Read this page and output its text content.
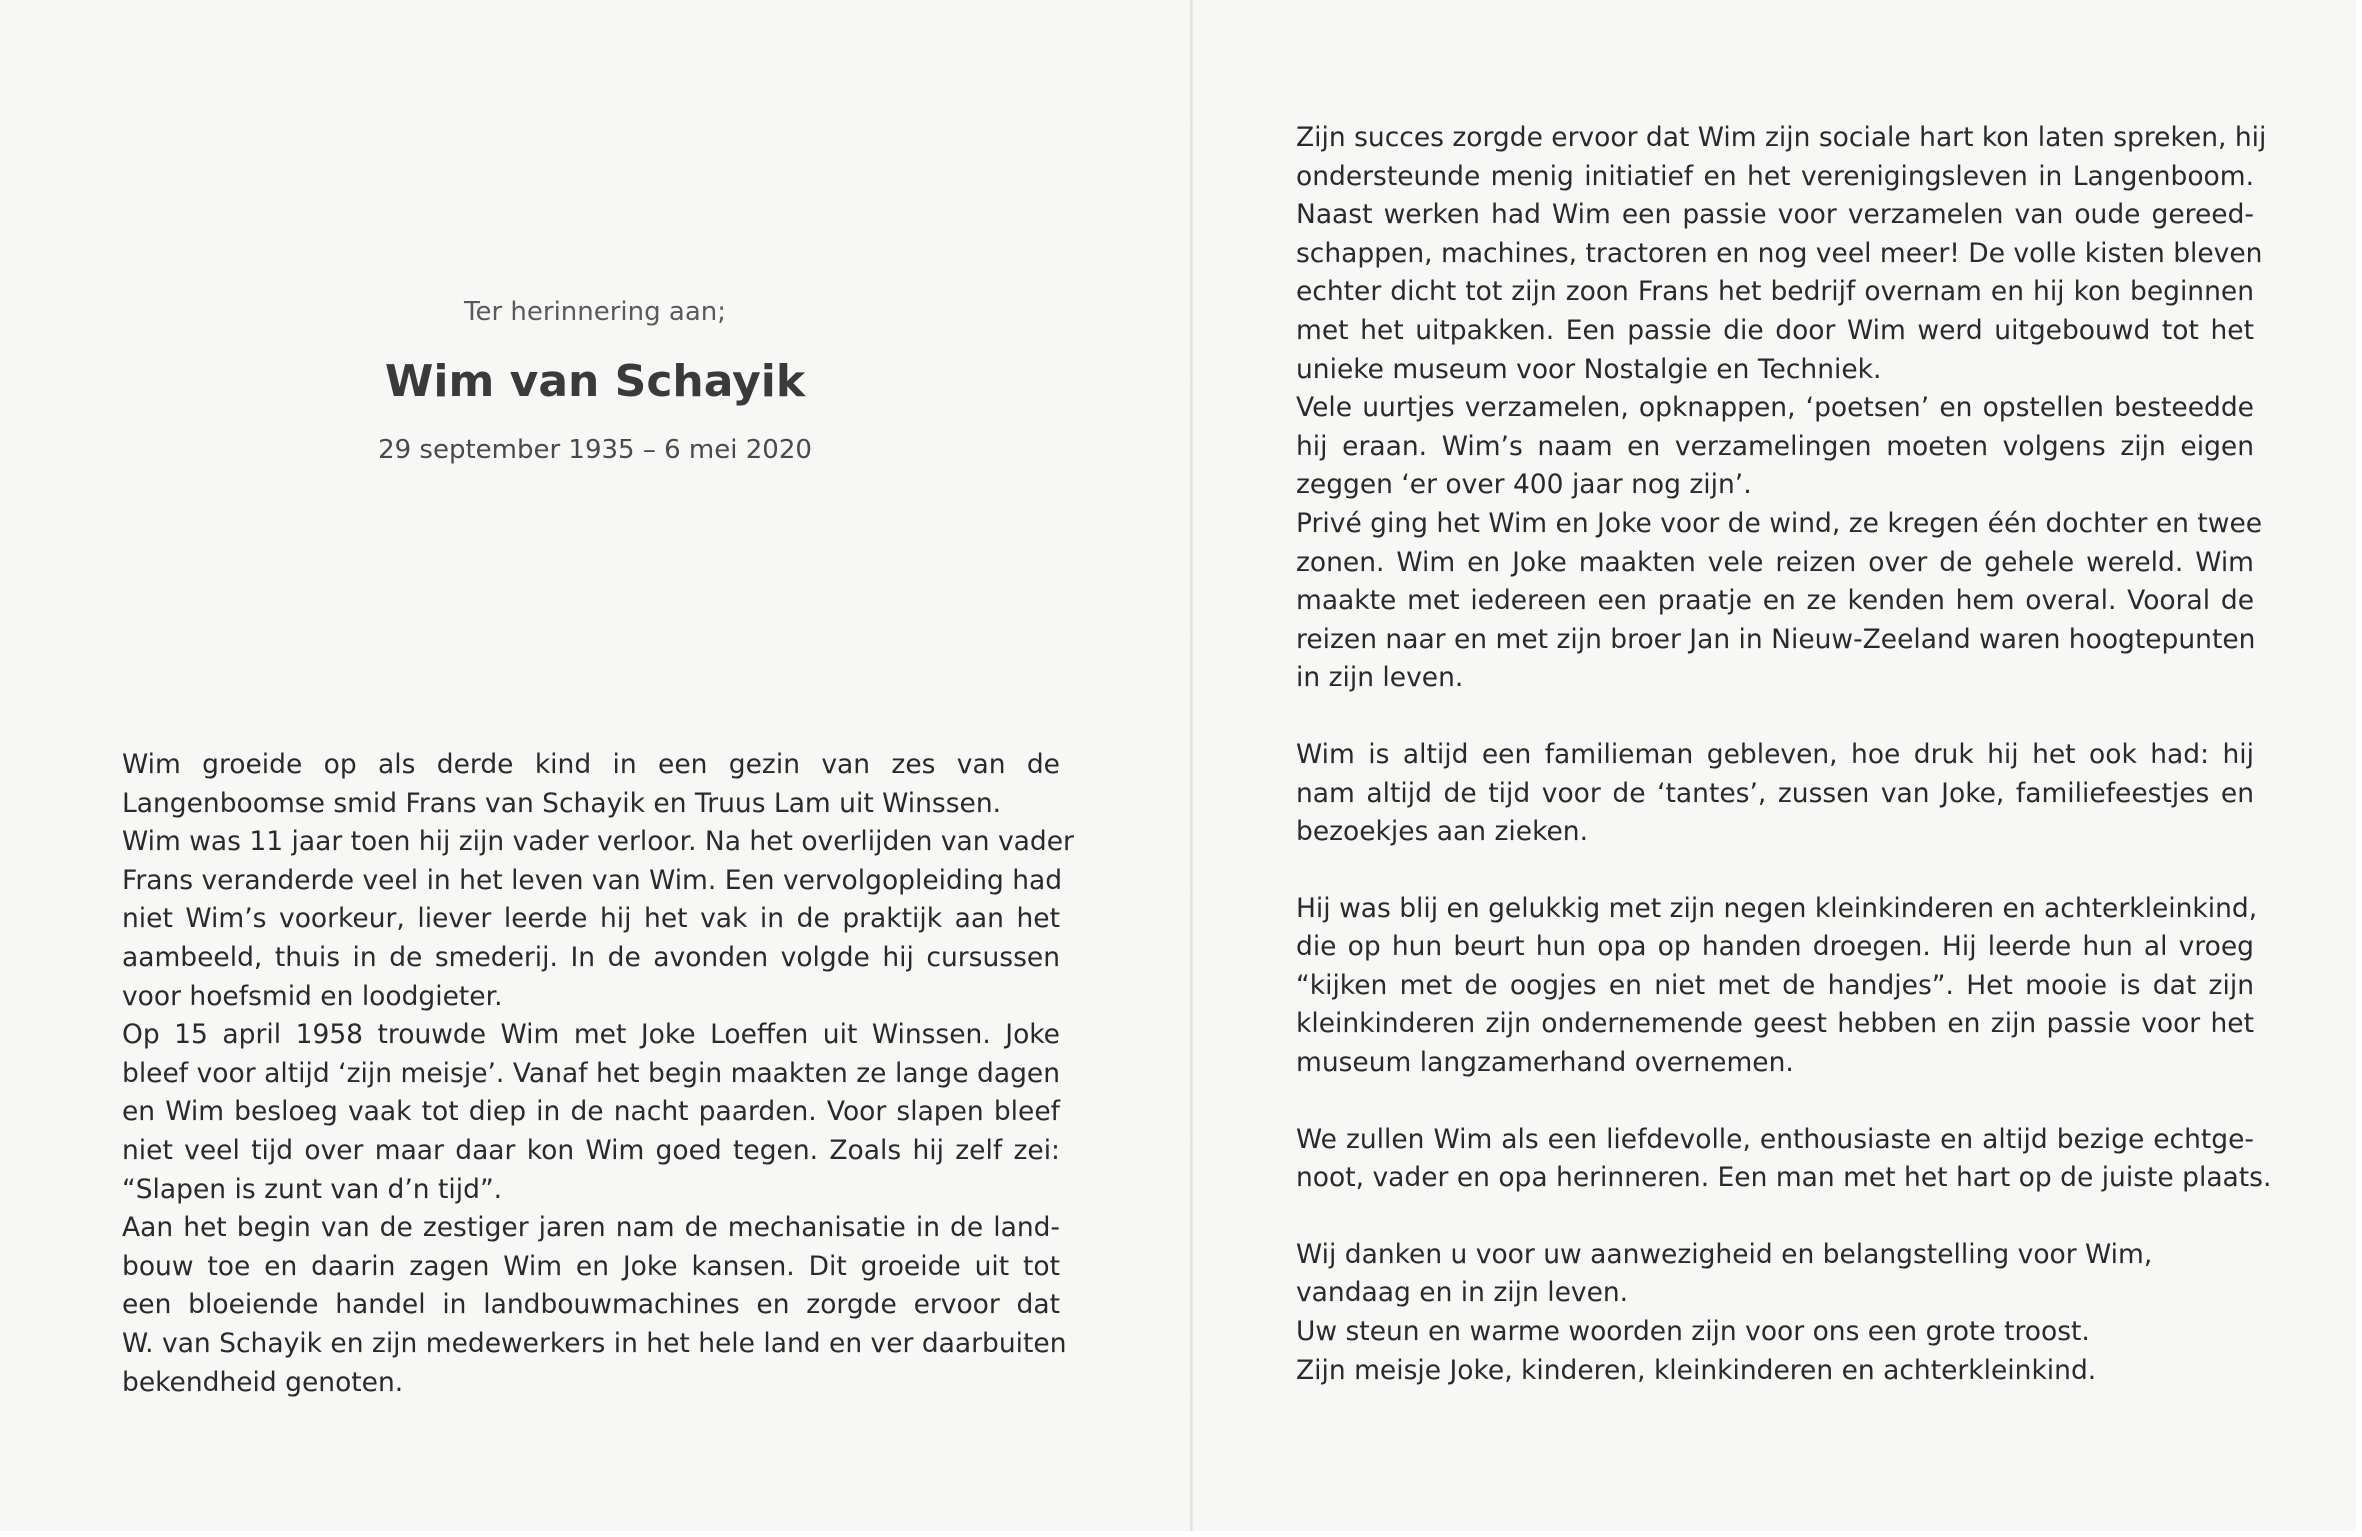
Ter herinnering aan;
Wim van Schayik
29 september 1935 – 6 mei 2020
Wim groeide op als derde kind in een gezin van zes van de
Langenboomse smid Frans van Schayik en Truus Lam uit Winssen.
Wim was 11 jaar toen hij zijn vader verloor. Na het overlijden van vader
Frans veranderde veel in het leven van Wim. Een vervolgopleiding had
niet Wim’s voorkeur, liever leerde hij het vak in de praktijk aan het
aambeeld, thuis in de smederij. In de avonden volgde hij cursussen
voor hoefsmid en loodgieter.
Op 15 april 1958 trouwde Wim met Joke Loeffen uit Winssen. Joke
bleef voor altijd ‘zijn meisje’. Vanaf het begin maakten ze lange dagen
en Wim besloeg vaak tot diep in de nacht paarden. Voor slapen bleef
niet veel tijd over maar daar kon Wim goed tegen. Zoals hij zelf zei:
“Slapen is zunt van d’n tijd”.
Aan het begin van de zestiger jaren nam de mechanisatie in de land-
bouw toe en daarin zagen Wim en Joke kansen. Dit groeide uit tot
een bloeiende handel in landbouwmachines en zorgde ervoor dat
W. van Schayik en zijn medewerkers in het hele land en ver daarbuiten
bekendheid genoten.
Zijn succes zorgde ervoor dat Wim zijn sociale hart kon laten spreken, hij
ondersteunde menig initiatief en het verenigingsleven in Langenboom.
Naast werken had Wim een passie voor verzamelen van oude gereed-
schappen, machines, tractoren en nog veel meer! De volle kisten bleven
echter dicht tot zijn zoon Frans het bedrijf overnam en hij kon beginnen
met het uitpakken. Een passie die door Wim werd uitgebouwd tot het
unieke museum voor Nostalgie en Techniek.
Vele uurtjes verzamelen, opknappen, ‘poetsen’ en opstellen besteedde
hij eraan. Wim’s naam en verzamelingen moeten volgens zijn eigen
zeggen ‘er over 400 jaar nog zijn’.
Privé ging het Wim en Joke voor de wind, ze kregen één dochter en twee
zonen. Wim en Joke maakten vele reizen over de gehele wereld. Wim
maakte met iedereen een praatje en ze kenden hem overal. Vooral de
reizen naar en met zijn broer Jan in Nieuw-Zeeland waren hoogtepunten
in zijn leven.
Wim is altijd een familieman gebleven, hoe druk hij het ook had: hij
nam altijd de tijd voor de ‘tantes’, zussen van Joke, familiefeestjes en
bezoekjes aan zieken.
Hij was blij en gelukkig met zijn negen kleinkinderen en achterkleinkind,
die op hun beurt hun opa op handen droegen. Hij leerde hun al vroeg
“kijken met de oogjes en niet met de handjes”. Het mooie is dat zijn
kleinkinderen zijn ondernemende geest hebben en zijn passie voor het
museum langzamerhand overnemen.
We zullen Wim als een liefdevolle, enthousiaste en altijd bezige echtge-
noot, vader en opa herinneren. Een man met het hart op de juiste plaats.
Wij danken u voor uw aanwezigheid en belangstelling voor Wim,
vandaag en in zijn leven.
Uw steun en warme woorden zijn voor ons een grote troost.
Zijn meisje Joke, kinderen, kleinkinderen en achterkleinkind.
